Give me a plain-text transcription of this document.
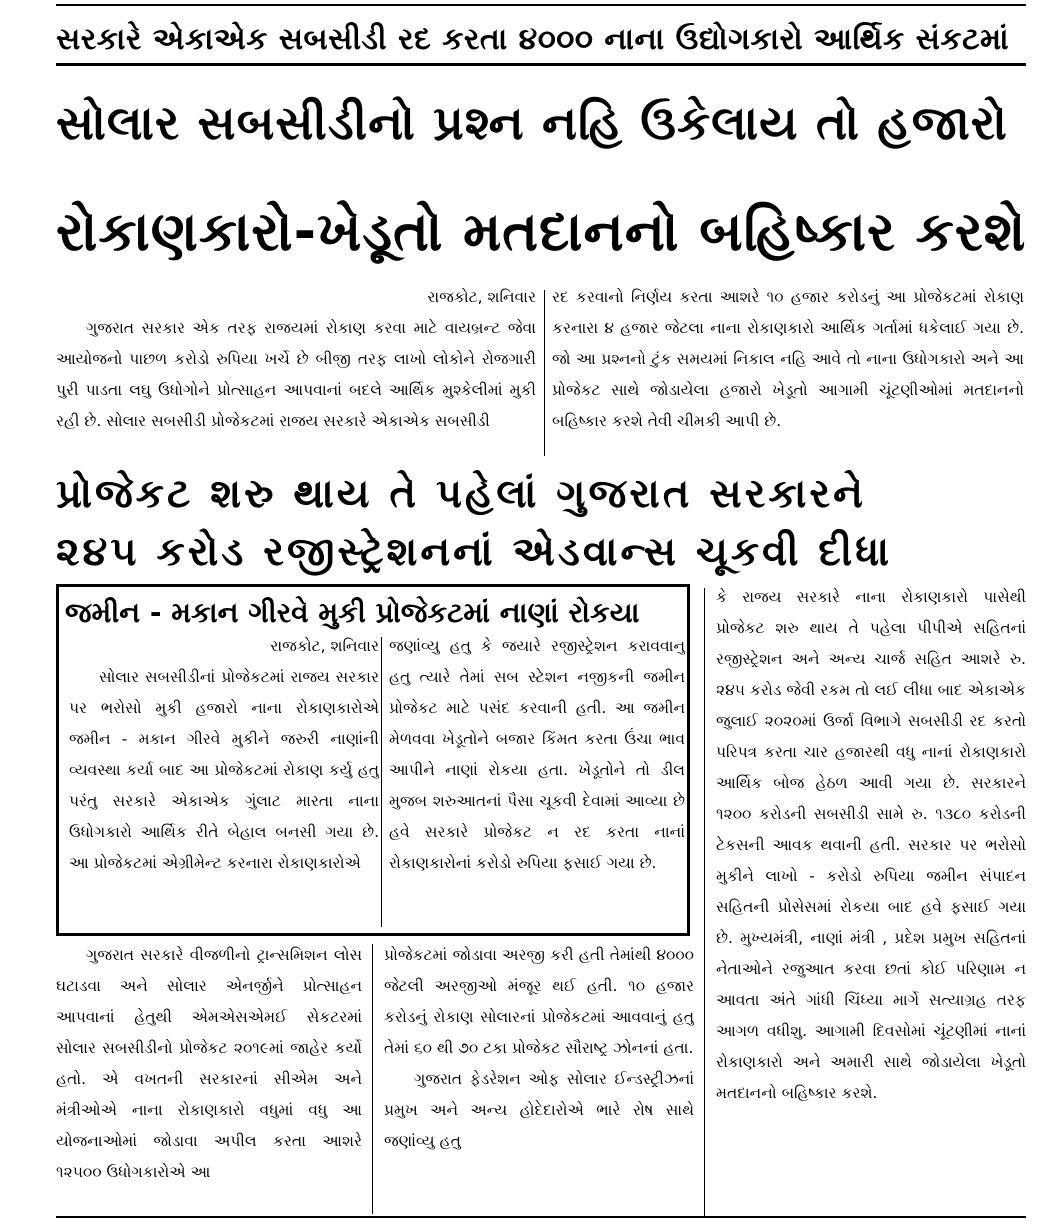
સરકારે એકાએક સબસીડી રદ કરતા ૪૦૦૦ નાના ઉદ્યોગકારો આર્થિક સંકટમાં
સોલાર સબસીડીનો પ્રશ્ન નહિ ઉકેલાય તો હજારો
રોકાણકારો-ખેડૂતો મતદાનનો બહિષ્કાર કરશે
રાજકોટ, શનિવાર

ગુજરાત સરકાર એક તરફ રાજયમાં રોકાણ કરવા માટે વાયબ્રન્ટ જેવા આયોજનો પાછળ કરોડો રુપિયા ખર્ચે છે બીજી તરફ લાખો લોકોને રોજગારી પુરી પાડતા લઘુ ઉધોગોને પ્રોત્સાહન આપવાનાં બદલે આર્થિક મુશ્કેલીમાં મુકી રહી છે. સોલાર સબસીડી પ્રોજેકટમાં રાજય સરકારે એકાએક સબસીડી

રદ કરવાનો નિર્ણય કરતા આશરે ૧૦ હજાર કરોડનું આ પ્રોજેકટમાં રોકાણ કરનારા ૪ હજાર જેટલા નાના રોકાણકારો આર્થિક ગર્તામાં ધકેલાઈ ગયા છે. જો આ પ્રશ્નનો ટુંક સમયમાં નિકાલ નહિ આવે તો નાના ઉધોગકારો અને આ પ્રોજેકટ સાથે જોડાયેલા હજારો ખેડૂતો આગામી ચૂંટણીઓમાં મતદાનનો બહિષ્કાર કરશે તેવી ચીમકી આપી છે.

પ્રોજેકટ શરુ થાય તે પહેલાં ગુજરાત સરકારને
૨૪૫ કરોડ રજીસ્ટ્રેશનનાં એડવાન્સ ચૂકવી દીધા
જમીન - મકાન ગીરવે મુકી પ્રોજેકટમાં નાણાં રોકયા
રાજકોટ, શનિવાર

સોલાર સબસીડીનાં પ્રોજેકટમાં રાજય સરકાર પર ભરોસો મુકી હજારો નાના રોકાણકારોએ જમીન - મકાન ગીરવે મુકીને જરુરી નાણાંની વ્યવસ્થા કર્યા બાદ આ પ્રોજેકટમાં રોકાણ કર્યુ હતુ પરંતુ સરકારે એકાએક ગુંલાટ મારતા નાના ઉધોગકારો આર્થિક રીતે બેહાલ બનસી ગયા છે. આ પ્રોજેકટમાં એગ્રીમેન્ટ કરનારા રોકાણકારોએ

જણાંવ્યુ હતુ કે જયારે રજીસ્ટ્રેશન કરાવવાનુ હતુ ત્યારે તેમાં સબ સ્ટેશન નજીકની જમીન પ્રોજેકટ માટે પસંદ કરવાની હતી. આ જમીન મેળવવા ખેડૂતોને બજાર કિંમત કરતા ઉંચા ભાવ આપીને નાણાં રોકયા હતા. ખેડૂતોને તો ડીલ મુજબ શરુઆતનાં પૈસા ચૂકવી દેવામાં આવ્યા છે હવે સરકારે પ્રોજેકટ ન રદ કરતા નાનાં રોકાણકારોનાં કરોડો રુપિયા ફસાઈ ગયા છે.

ગુજરાત સરકારે વીજળીનો ટ્રાન્સમિશન લોસ ઘટાડવા અને સોલાર એનર્જીને પ્રોત્સાહન આપવાનાં હેતુથી એમએસએમઈ સેકટરમાં સોલાર સબસીડીનો પ્રોજેકટ ૨૦૧૯માં જાહેર કર્યો હતો. એ વખતની સરકારનાં સીએમ અને મંત્રીઓએ નાના રોકાણકારો વધુમાં વધુ આ યોજનાઓમાં જોડાવા અપીલ કરતા આશરે ૧૨૫૦૦ ઉધોગકારોએ આ

પ્રોજેકટમાં જોડાવા અરજી કરી હતી તેમાંથી ૪૦૦૦ જેટલી અરજીઓ મંજૂર થઈ હતી. ૧૦ હજાર કરોડનું રોકાણ સોલારનાં પ્રોજેકટમાં આવવાનું હતુ તેમાં ૬૦ થી ૭૦ ટકા પ્રોજેકટ સૌરાષ્ટ્ર ઝોનનાં હતા.

ગુજરાત ફેડરેશન ઓફ સોલાર ઈન્ડસ્ટ્રીઝનાં પ્રમુખ અને અન્ય હોદેદારોએ ભારે રોષ સાથે જણાંવ્યુ હતુ

કે રાજય સરકારે નાના રોકાણકારો પાસેથી પ્રોજેકટ શરુ થાય તે પહેલા પીપીએ સહિતનાં રજીસ્ટ્રેશન અને અન્ય ચાર્જ સહિત આશરે રુ. ૨૪૫ કરોડ જેવી રકમ તો લઈ લીધા બાદ એકાએક જુલાઈ ૨૦૨૦માં ઉર્જા વિભાગે સબસીડી રદ કરતો પરિપત્ર કરતા ચાર હજારથી વધુ નાનાં રોકાણકારો આર્થિક બોજ હેઠળ આવી ગયા છે. સરકારને ૧૨૦૦ કરોડની સબસીડી સામે રુ. ૧૩૮૦ કરોડની ટેકસની આવક થવાની હતી. સરકાર પર ભરોસો મુકીને લાખો - કરોડો રુપિયા જમીન સંપાદન સહિતની પ્રોસેસમાં રોકયા બાદ હવે ફસાઈ ગયા છે. મુખ્યમંત્રી, નાણાં મંત્રી , પ્રદેશ પ્રમુખ સહિતનાં નેતાઓને રજુઆત કરવા છતાં કોઈ પરિણામ ન આવતા અંતે ગાંધી ચિંધ્યા માર્ગે સત્યાગ્રહ તરફ આગળ વધીશુ. આગામી દિવસોમાં ચૂંટણીમાં નાનાં રોકાણકારો અને અમારી સાથે જોડાયેલા ખેડૂતો મતદાનનો બહિષ્કાર કરશે.
